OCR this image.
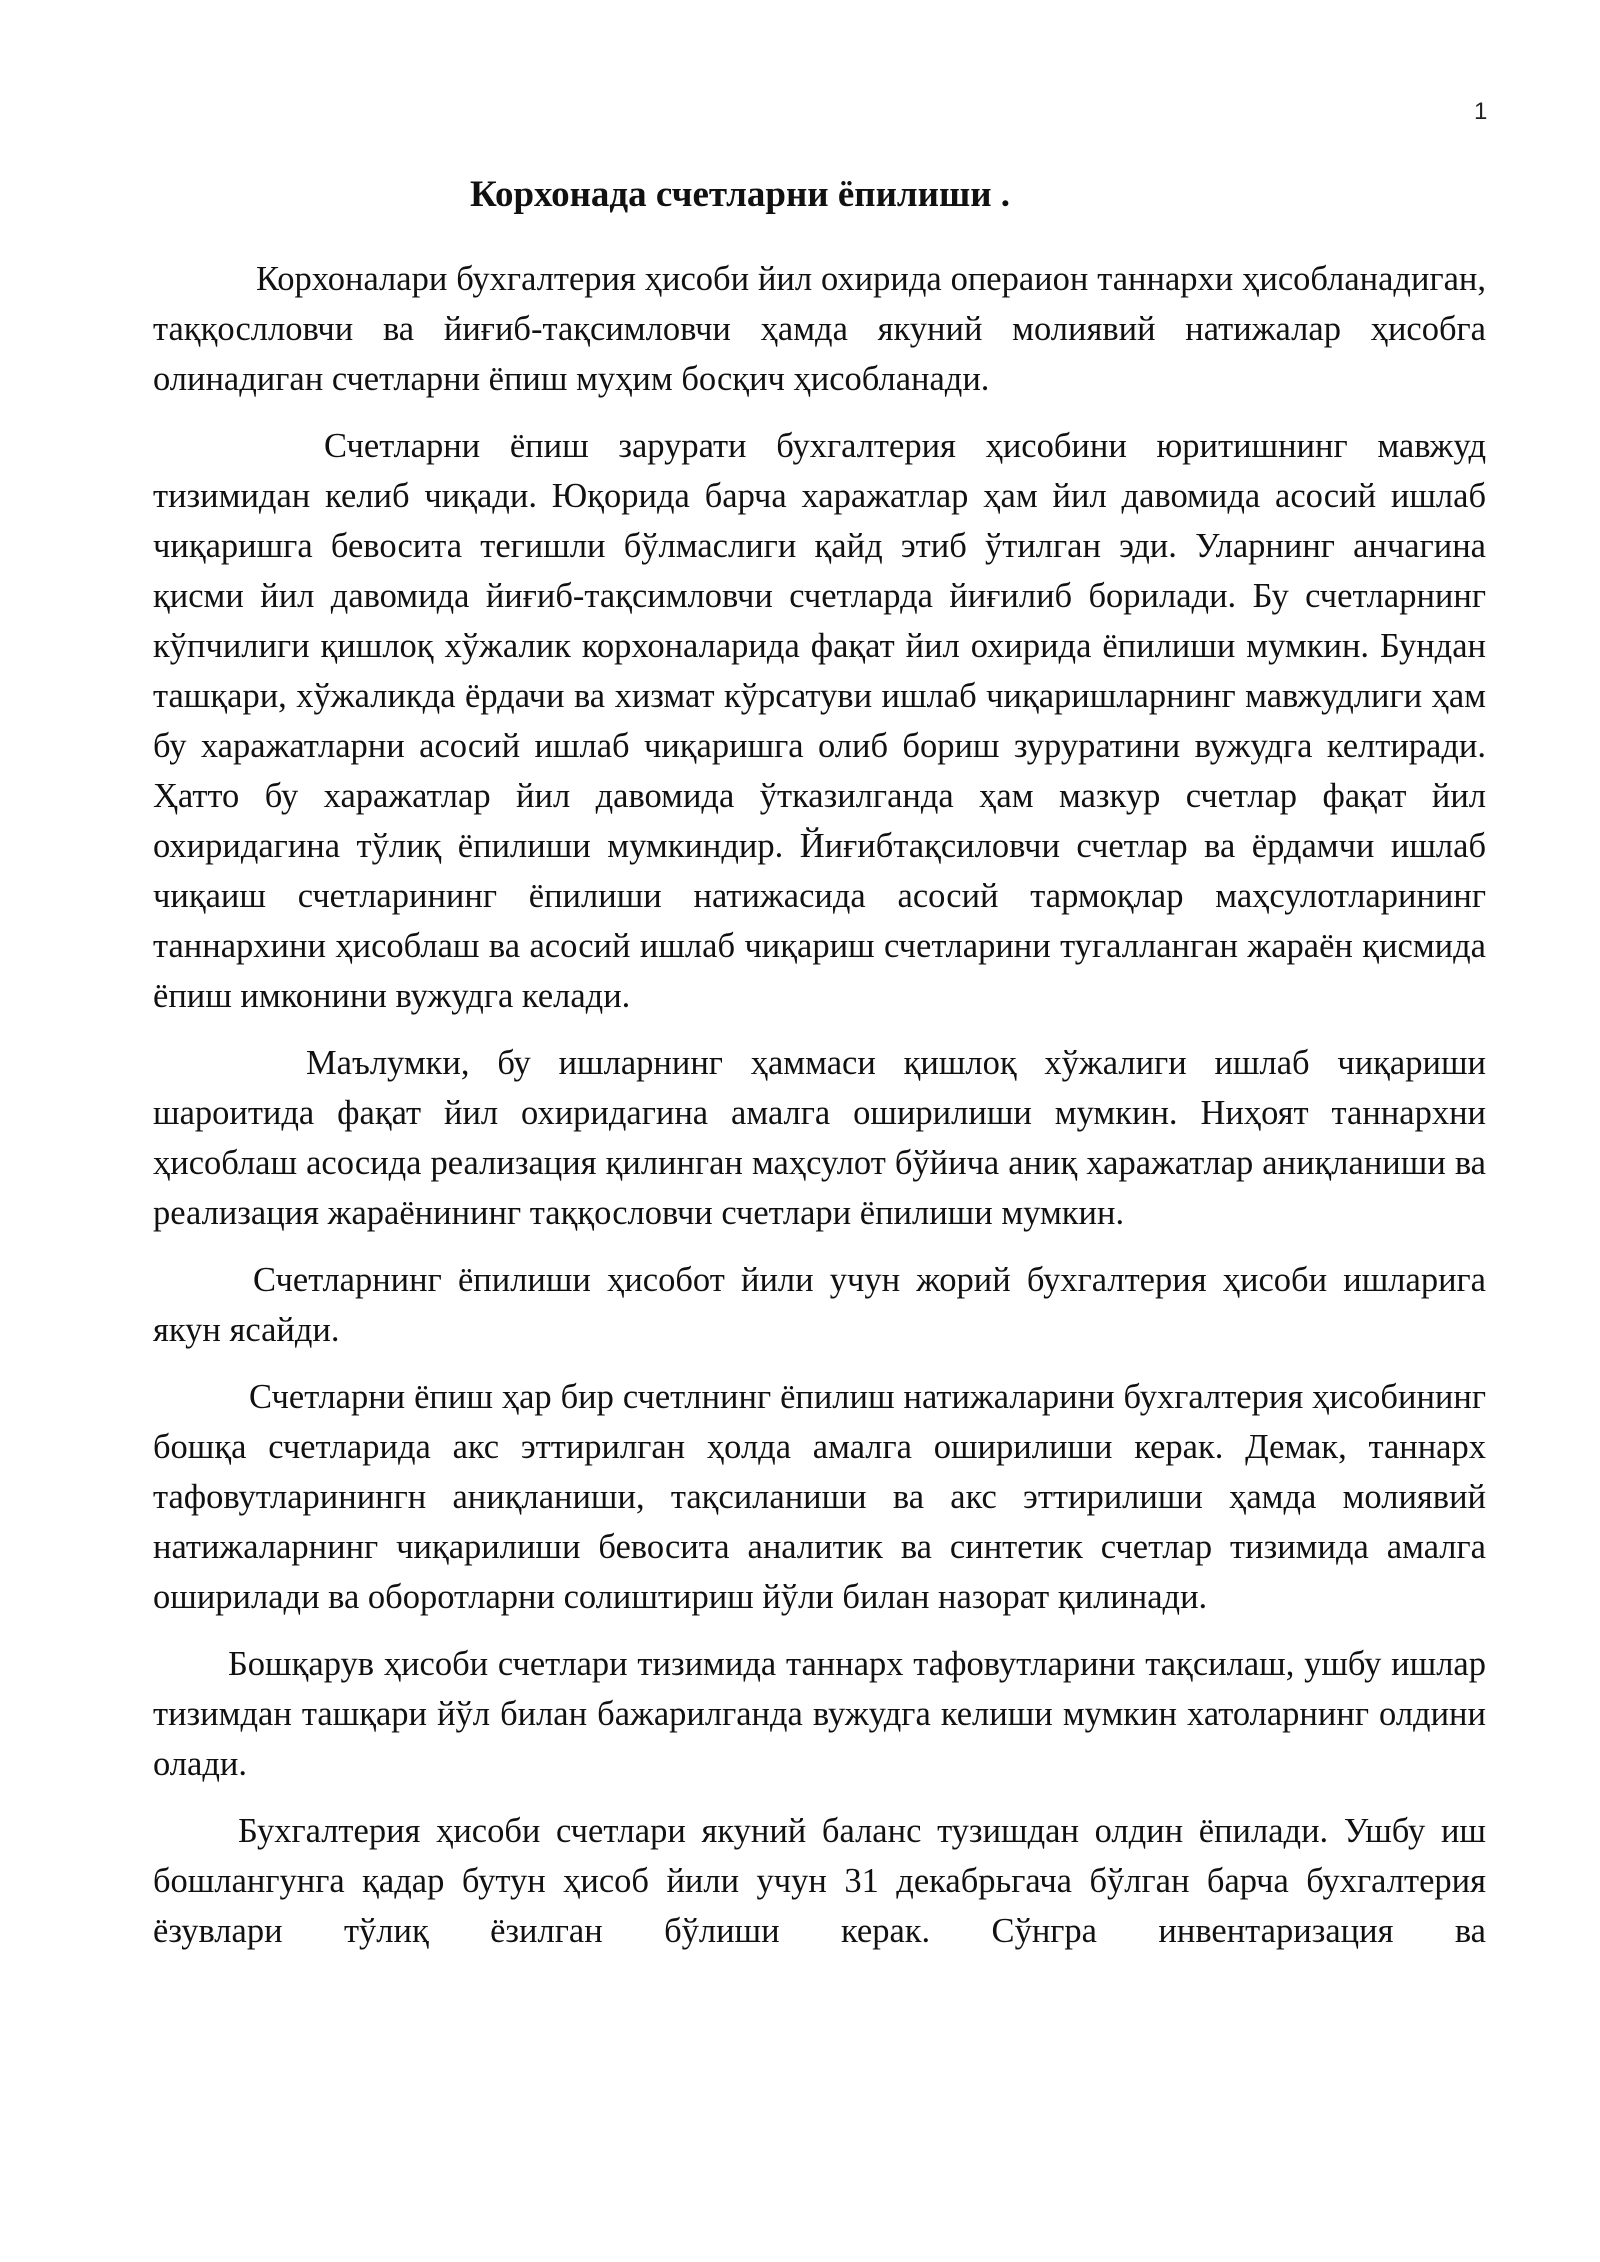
1
Корхонада счетларни ёпилиши .

Корхоналари бухгалтерия ҳисоби йил охирида операион таннархи ҳисобланадиган, таққослловчи ва йиғиб-тақсимловчи ҳамда якуний молиявий натижалар ҳисобга олинадиган счетларни ёпиш муҳим босқич ҳисобланади.

Счетларни ёпиш зарурати бухгалтерия ҳисобини юритишнинг мавжуд тизимидан келиб чиқади. Юқорида барча харажатлар ҳам йил давомида асосий ишлаб чиқаришга бевосита тегишли бўлмаслиги қайд этиб ўтилган эди. Уларнинг анчагина қисми йил давомида йиғиб-тақсимловчи счетларда йиғилиб борилади. Бу счетларнинг кўпчилиги қишлоқ хўжалик корхоналарида фақат йил охирида ёпилиши мумкин. Бундан ташқари, хўжаликда ёрдачи ва хизмат кўрсатуви ишлаб чиқаришларнинг мавжудлиги ҳам бу харажатларни асосий ишлаб чиқаришга олиб бориш зуруратини вужудга келтиради. Ҳатто бу харажатлар йил давомида ўтказилганда ҳам мазкур счетлар фақат йил охиридагина тўлиқ ёпилиши мумкиндир. Йиғибтақсиловчи счетлар ва ёрдамчи ишлаб чиқаиш счетларининг ёпилиши натижасида асосий тармоқлар маҳсулотларининг таннархини ҳисоблаш ва асосий ишлаб чиқариш счетларини тугалланган жараён қисмида ёпиш имконини вужудга келади.

Маълумки, бу ишларнинг ҳаммаси қишлоқ хўжалиги ишлаб чиқариши шароитида фақат йил охиридагина амалга оширилиши мумкин. Ниҳоят таннархни ҳисоблаш асосида реализация қилинган маҳсулот бўйича аниқ харажатлар аниқланиши ва реализация жараёнининг таққословчи счетлари ёпилиши мумкин.

Счетларнинг ёпилиши ҳисобот йили учун жорий бухгалтерия ҳисоби ишларига якун ясайди.

Счетларни ёпиш ҳар бир счетлнинг ёпилиш натижаларини бухгалтерия ҳисобининг бошқа счетларида акс эттирилган ҳолда амалга оширилиши керак. Демак, таннарх тафовутларинингн аниқланиши, тақсиланиши ва акс эттирилиши ҳамда молиявий натижаларнинг чиқарилиши бевосита аналитик ва синтетик счетлар тизимида амалга оширилади ва оборотларни солиштириш йўли билан назорат қилинади.

Бошқарув ҳисоби счетлари тизимида таннарх тафовутларини тақсилаш, ушбу ишлар тизимдан ташқари йўл билан бажарилганда вужудга келиши мумкин хатоларнинг олдини олади.

Бухгалтерия ҳисоби счетлари якуний баланс тузишдан олдин ёпилади. Ушбу иш бошлангунга қадар бутун ҳисоб йили учун 31 декабрьгача бўлган барча бухгалтерия ёзувлари тўлиқ ёзилган бўлиши керак. Сўнгра инвентаризация ва
